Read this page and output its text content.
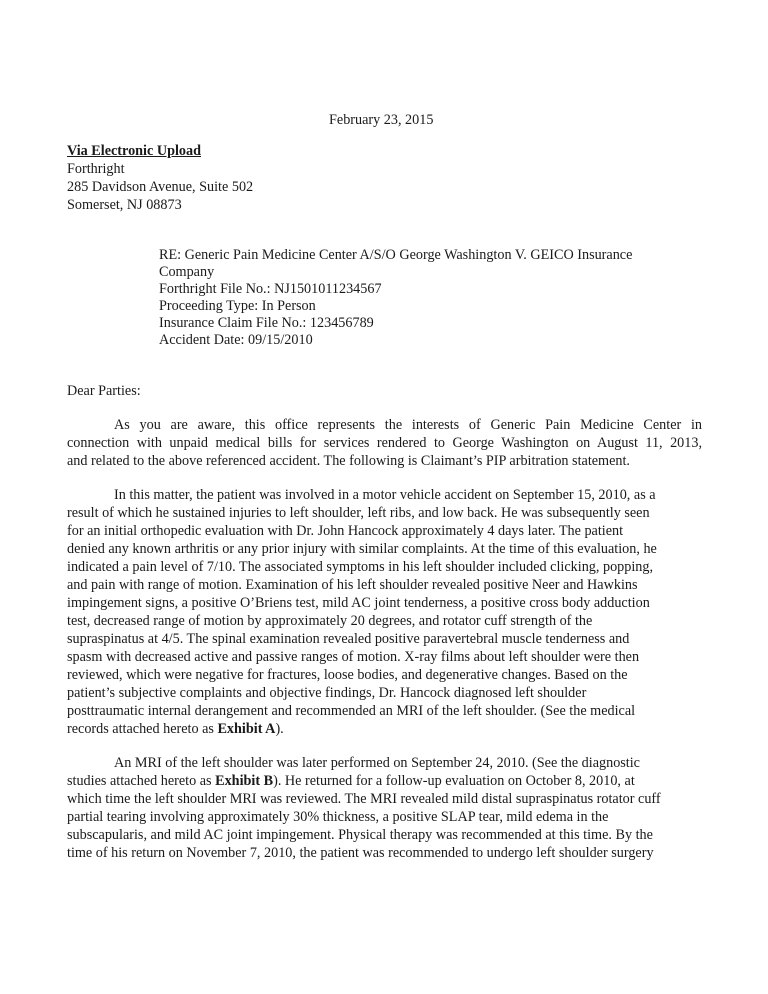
February 23, 2015
Via Electronic Upload
Forthright
285 Davidson Avenue, Suite 502
Somerset, NJ 08873
RE: Generic Pain Medicine Center A/S/O George Washington V. GEICO Insurance
Company
Forthright File No.: NJ1501011234567
Proceeding Type: In Person
Insurance Claim File No.: 123456789
Accident Date: 09/15/2010
Dear Parties:
As you are aware, this office represents the interests of Generic Pain Medicine Center in
connection with unpaid medical bills for services rendered to George Washington on August 11, 2013,
and related to the above referenced accident. The following is Claimant’s PIP arbitration statement.
In this matter, the patient was involved in a motor vehicle accident on September 15, 2010, as a
result of which he sustained injuries to left shoulder, left ribs, and low back. He was subsequently seen
for an initial orthopedic evaluation with Dr. John Hancock approximately 4 days later. The patient
denied any known arthritis or any prior injury with similar complaints. At the time of this evaluation, he
indicated a pain level of 7/10. The associated symptoms in his left shoulder included clicking, popping,
and pain with range of motion. Examination of his left shoulder revealed positive Neer and Hawkins
impingement signs, a positive O’Briens test, mild AC joint tenderness, a positive cross body adduction
test, decreased range of motion by approximately 20 degrees, and rotator cuff strength of the
supraspinatus at 4/5. The spinal examination revealed positive paravertebral muscle tenderness and
spasm with decreased active and passive ranges of motion. X-ray films about left shoulder were then
reviewed, which were negative for fractures, loose bodies, and degenerative changes. Based on the
patient’s subjective complaints and objective findings, Dr. Hancock diagnosed left shoulder
posttraumatic internal derangement and recommended an MRI of the left shoulder. (See the medical
records attached hereto as Exhibit A).
An MRI of the left shoulder was later performed on September 24, 2010. (See the diagnostic
studies attached hereto as Exhibit B). He returned for a follow-up evaluation on October 8, 2010, at
which time the left shoulder MRI was reviewed. The MRI revealed mild distal supraspinatus rotator cuff
partial tearing involving approximately 30% thickness, a positive SLAP tear, mild edema in the
subscapularis, and mild AC joint impingement. Physical therapy was recommended at this time. By the
time of his return on November 7, 2010, the patient was recommended to undergo left shoulder surgery
